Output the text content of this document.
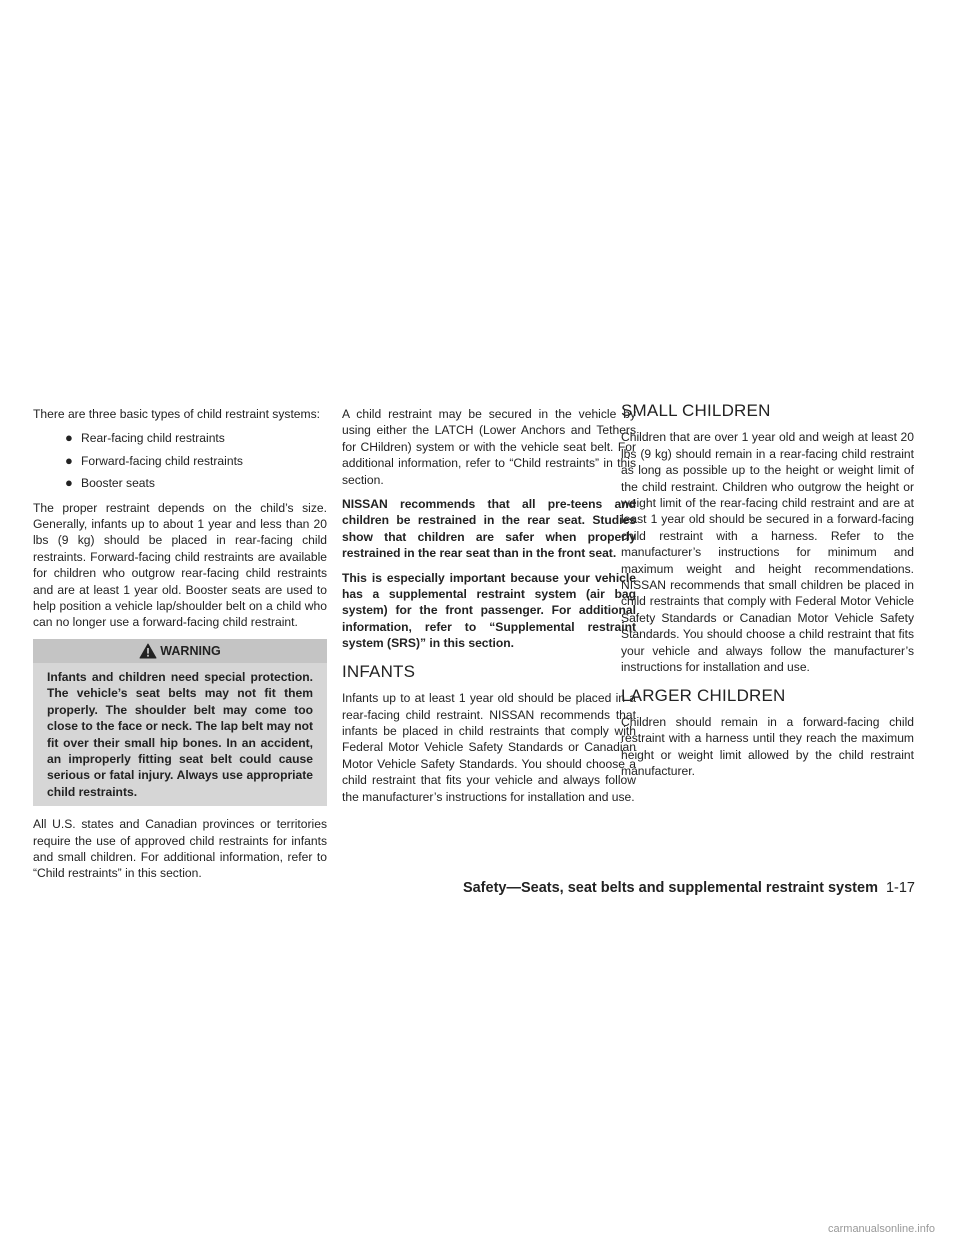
There are three basic types of child restraint systems:

● Rear-facing child restraints
● Forward-facing child restraints
● Booster seats

The proper restraint depends on the child’s size. Generally, infants up to about 1 year and less than 20 lbs (9 kg) should be placed in rear-facing child restraints. Forward-facing child restraints are available for children who outgrow rear-facing child restraints and are at least 1 year old. Booster seats are used to help position a vehicle lap/shoulder belt on a child who can no longer use a forward-facing child restraint.

WARNING
Infants and children need special protection. The vehicle’s seat belts may not fit them properly. The shoulder belt may come too close to the face or neck. The lap belt may not fit over their small hip bones. In an accident, an improperly fitting seat belt could cause serious or fatal injury. Always use appropriate child restraints.

All U.S. states and Canadian provinces or territories require the use of approved child restraints for infants and small children. For additional information, refer to “Child restraints” in this section.

A child restraint may be secured in the vehicle by using either the LATCH (Lower Anchors and Tethers for CHildren) system or with the vehicle seat belt. For additional information, refer to “Child restraints” in this section.

NISSAN recommends that all pre-teens and children be restrained in the rear seat. Studies show that children are safer when properly restrained in the rear seat than in the front seat.

This is especially important because your vehicle has a supplemental restraint system (air bag system) for the front passenger. For additional information, refer to “Supplemental restraint system (SRS)” in this section.

INFANTS

Infants up to at least 1 year old should be placed in a rear-facing child restraint. NISSAN recommends that infants be placed in child restraints that comply with Federal Motor Vehicle Safety Standards or Canadian Motor Vehicle Safety Standards. You should choose a child restraint that fits your vehicle and always follow the manufacturer’s instructions for installation and use.

SMALL CHILDREN

Children that are over 1 year old and weigh at least 20 lbs (9 kg) should remain in a rear-facing child restraint as long as possible up to the height or weight limit of the child restraint. Children who outgrow the height or weight limit of the rear-facing child restraint and are at least 1 year old should be secured in a forward-facing child restraint with a harness. Refer to the manufacturer’s instructions for minimum and maximum weight and height recommendations. NISSAN recommends that small children be placed in child restraints that comply with Federal Motor Vehicle Safety Standards or Canadian Motor Vehicle Safety Standards. You should choose a child restraint that fits your vehicle and always follow the manufacturer’s instructions for installation and use.

LARGER CHILDREN

Children should remain in a forward-facing child restraint with a harness until they reach the maximum height or weight limit allowed by the child restraint manufacturer.

Safety—Seats, seat belts and supplemental restraint system 1-17
carmanualsonline.info
